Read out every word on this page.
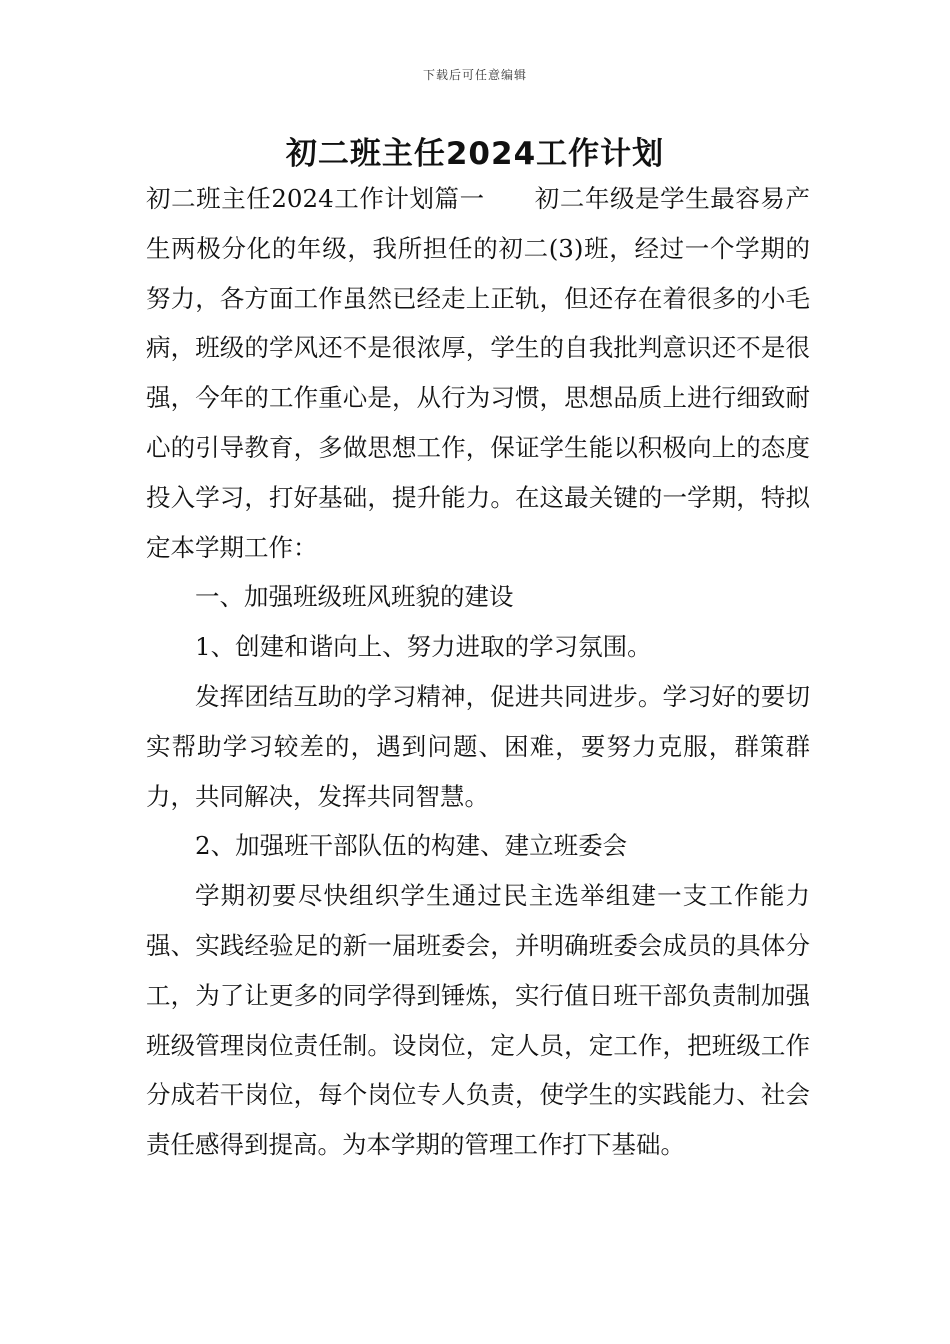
下载后可任意编辑
初二班主任2024工作计划

初二班主任2024工作计划篇一　　初二年级是学生最容易产生两极分化的年级，我所担任的初二(3)班，经过一个学期的努力，各方面工作虽然已经走上正轨，但还存在着很多的小毛病，班级的学风还不是很浓厚，学生的自我批判意识还不是很强，今年的工作重心是，从行为习惯，思想品质上进行细致耐心的引导教育，多做思想工作，保证学生能以积极向上的态度投入学习，打好基础，提升能力。在这最关键的一学期，特拟定本学期工作：

一、加强班级班风班貌的建设

1、创建和谐向上、努力进取的学习氛围。

发挥团结互助的学习精神，促进共同进步。学习好的要切实帮助学习较差的，遇到问题、困难，要努力克服，群策群力，共同解决，发挥共同智慧。

2、加强班干部队伍的构建、建立班委会

学期初要尽快组织学生通过民主选举组建一支工作能力强、实践经验足的新一届班委会，并明确班委会成员的具体分工，为了让更多的同学得到锤炼，实行值日班干部负责制加强班级管理岗位责任制。设岗位，定人员，定工作，把班级工作分成若干岗位，每个岗位专人负责，使学生的实践能力、社会责任感得到提高。为本学期的管理工作打下基础。
